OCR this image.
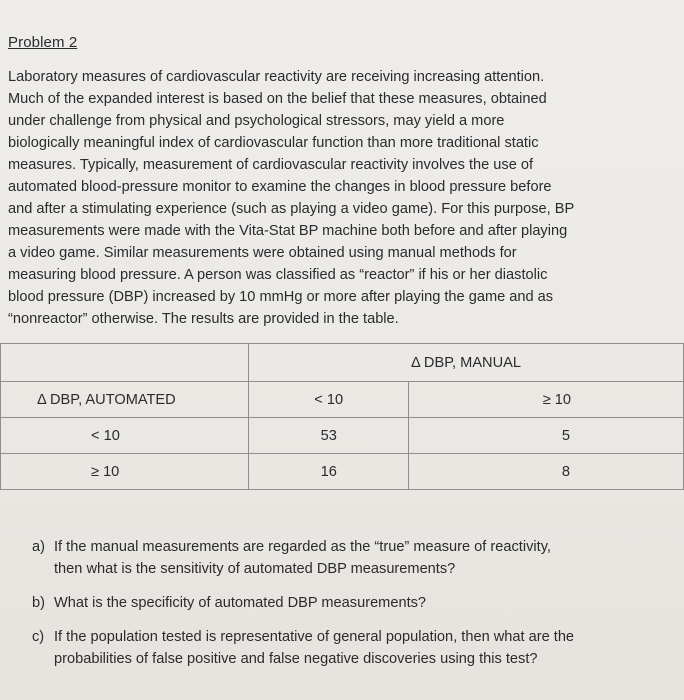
Problem 2

Laboratory measures of cardiovascular reactivity are receiving increasing attention.
Much of the expanded interest is based on the belief that these measures, obtained
under challenge from physical and psychological stressors, may yield a more
biologically meaningful index of cardiovascular function than more traditional static
measures. Typically, measurement of cardiovascular reactivity involves the use of
automated blood-pressure monitor to examine the changes in blood pressure before
and after a stimulating experience (such as playing a video game). For this purpose, BP
measurements were made with the Vita-Stat BP machine both before and after playing
a video game. Similar measurements were obtained using manual methods for
measuring blood pressure. A person was classified as “reactor” if his or her diastolic
blood pressure (DBP) increased by 10 mmHg or more after playing the game and as
“nonreactor” otherwise. The results are provided in the table.

	Δ DBP, MANUAL	
Δ DBP, AUTOMATED	< 10	≥ 10
< 10	53	5
≥ 10	16	8
a) If the manual measurements are regarded as the “true” measure of reactivity,
then what is the sensitivity of automated DBP measurements?
b) What is the specificity of automated DBP measurements?
c) If the population tested is representative of general population, then what are the
probabilities of false positive and false negative discoveries using this test?
